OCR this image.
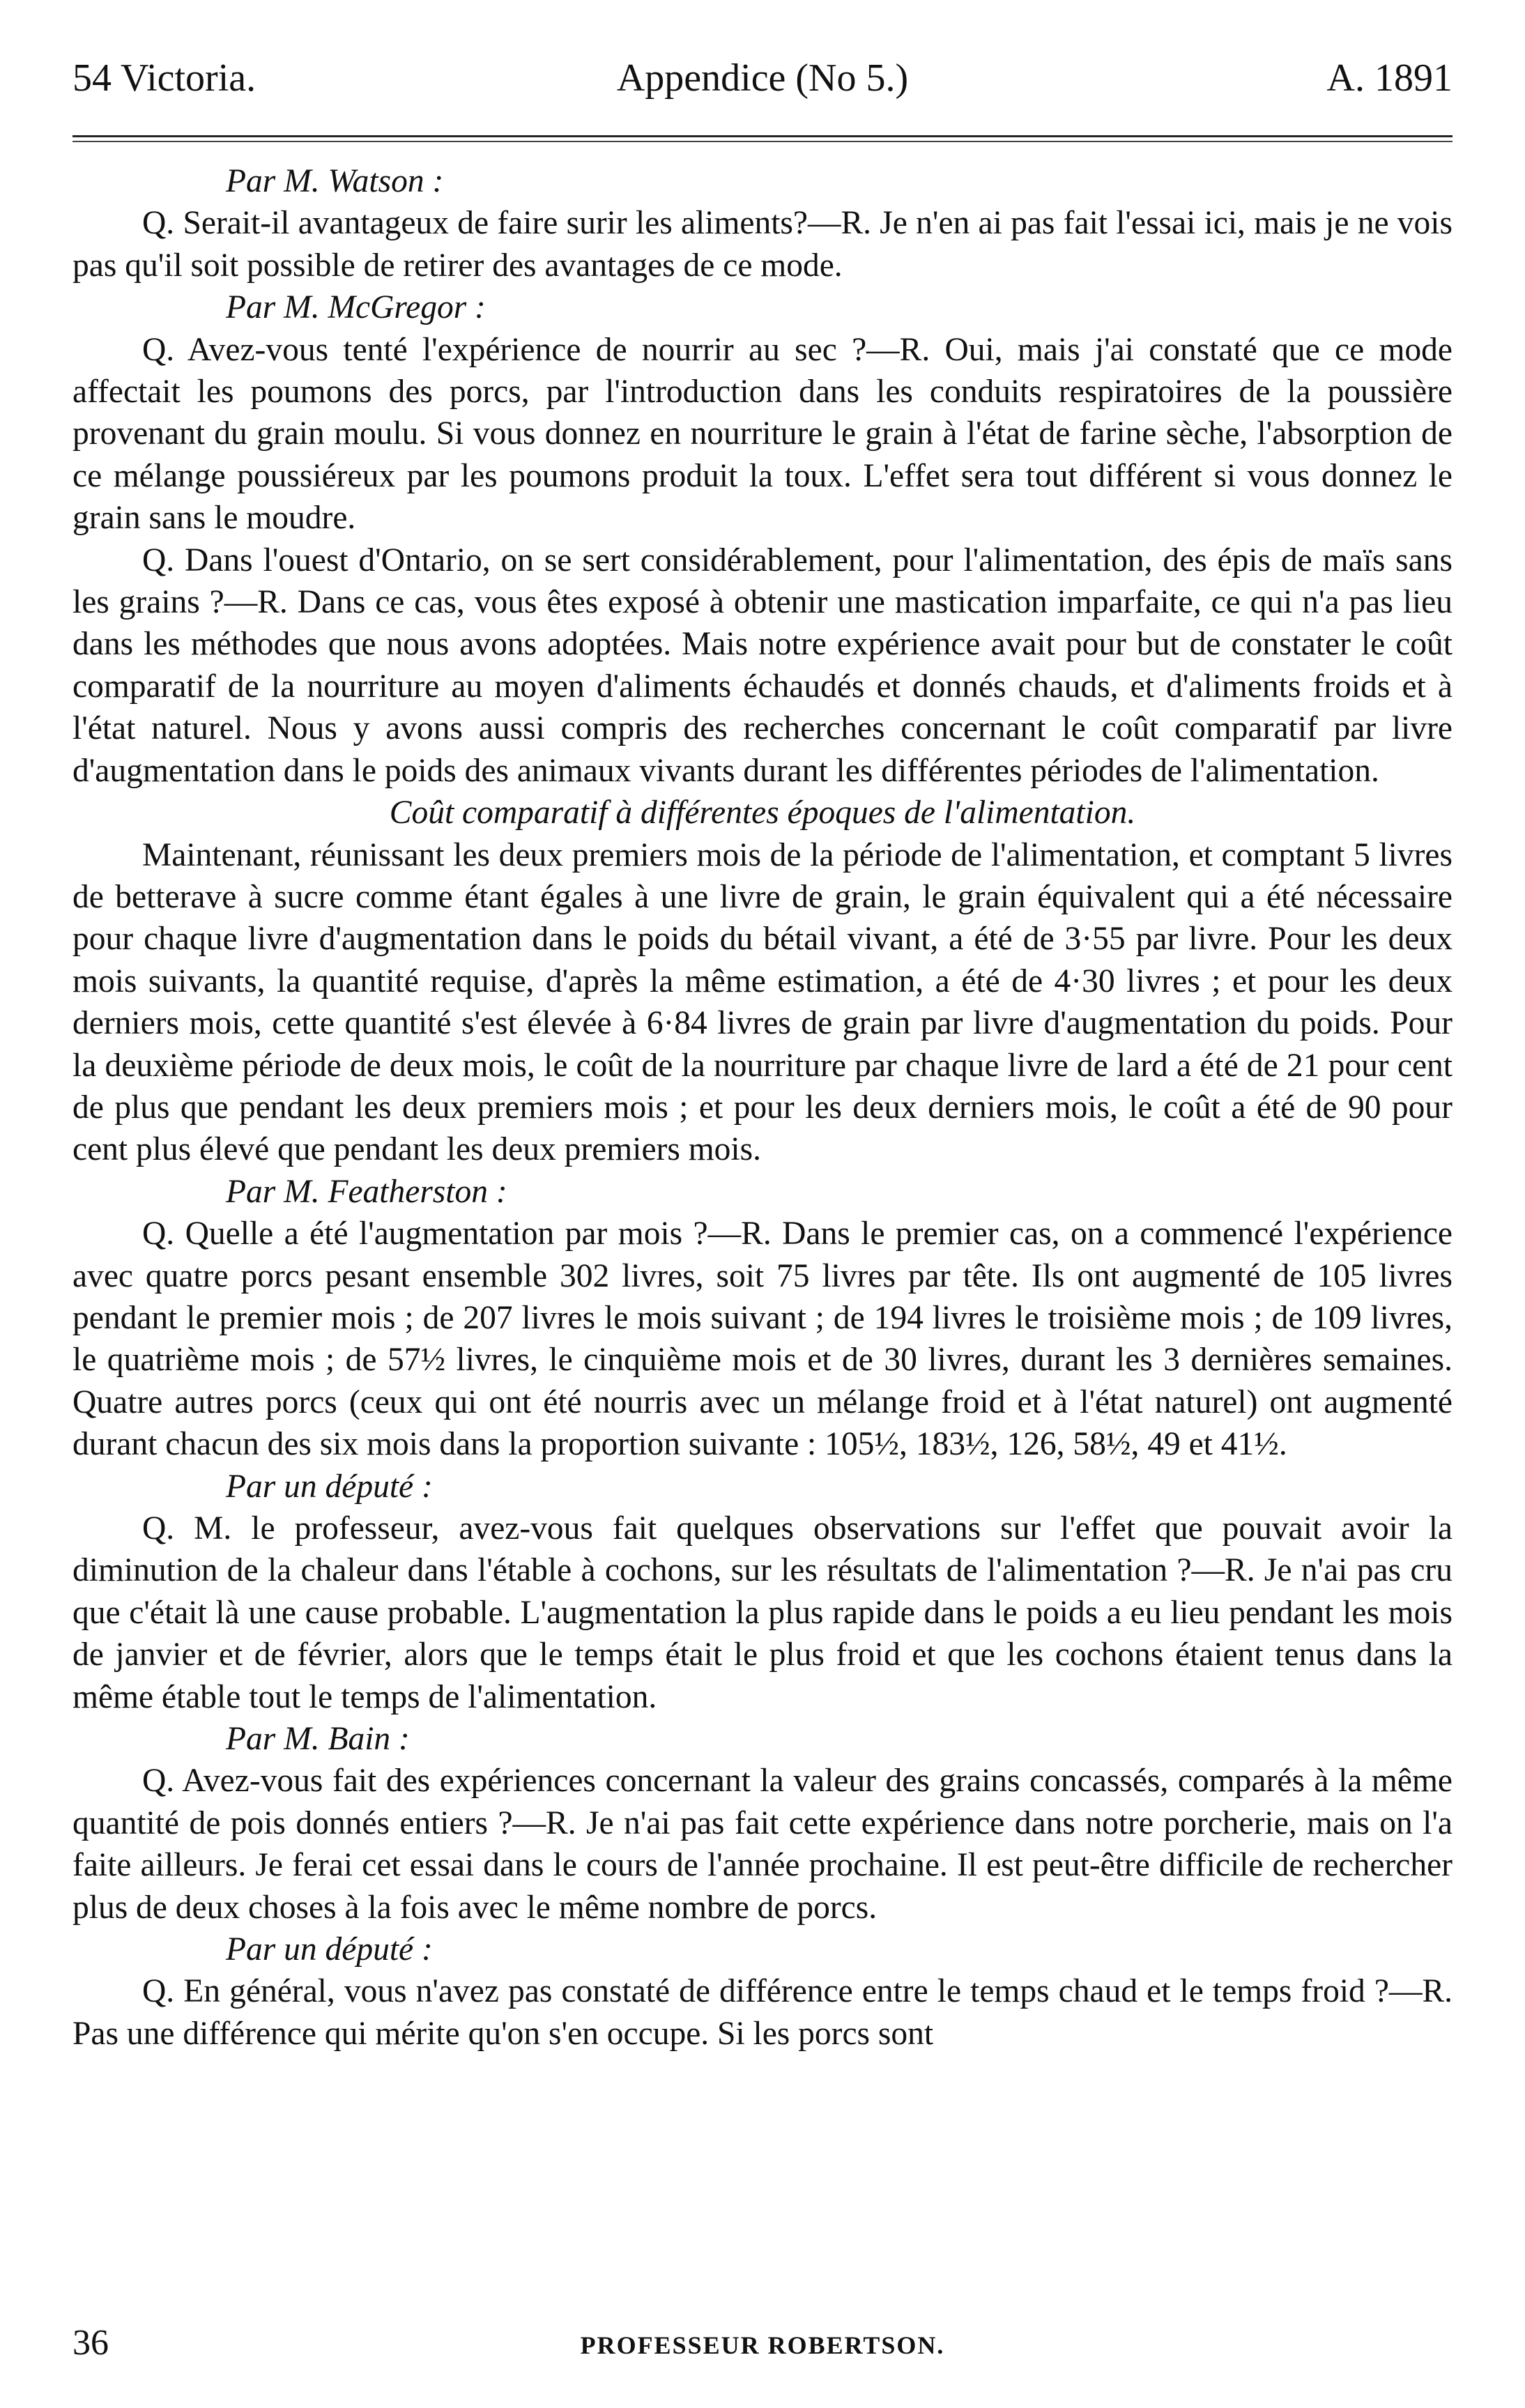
54 Victoria.	Appendice (No 5.)	A. 1891

Par M. Watson :

Q. Serait-il avantageux de faire surir les aliments?—R. Je n'en ai pas fait l'essai ici, mais je ne vois pas qu'il soit possible de retirer des avantages de ce mode.

Par M. McGregor :

Q. Avez-vous tenté l'expérience de nourrir au sec ?—R. Oui, mais j'ai constaté que ce mode affectait les poumons des porcs, par l'introduction dans les conduits respiratoires de la poussière provenant du grain moulu. Si vous donnez en nourriture le grain à l'état de farine sèche, l'absorption de ce mélange poussiéreux par les poumons produit la toux. L'effet sera tout différent si vous donnez le grain sans le moudre.

Q. Dans l'ouest d'Ontario, on se sert considérablement, pour l'alimentation, des épis de maïs sans les grains ?—R. Dans ce cas, vous êtes exposé à obtenir une mastication imparfaite, ce qui n'a pas lieu dans les méthodes que nous avons adoptées. Mais notre expérience avait pour but de constater le coût comparatif de la nourriture au moyen d'aliments échaudés et donnés chauds, et d'aliments froids et à l'état naturel. Nous y avons aussi compris des recherches concernant le coût comparatif par livre d'augmentation dans le poids des animaux vivants durant les différentes périodes de l'alimentation.

Coût comparatif à différentes époques de l'alimentation.

Maintenant, réunissant les deux premiers mois de la période de l'alimentation, et comptant 5 livres de betterave à sucre comme étant égales à une livre de grain, le grain équivalent qui a été nécessaire pour chaque livre d'augmentation dans le poids du bétail vivant, a été de 3·55 par livre. Pour les deux mois suivants, la quantité requise, d'après la même estimation, a été de 4·30 livres ; et pour les deux derniers mois, cette quantité s'est élevée à 6·84 livres de grain par livre d'augmentation du poids. Pour la deuxième période de deux mois, le coût de la nourriture par chaque livre de lard a été de 21 pour cent de plus que pendant les deux premiers mois ; et pour les deux derniers mois, le coût a été de 90 pour cent plus élevé que pendant les deux premiers mois.

Par M. Featherston :

Q. Quelle a été l'augmentation par mois ?—R. Dans le premier cas, on a commencé l'expérience avec quatre porcs pesant ensemble 302 livres, soit 75 livres par tête. Ils ont augmenté de 105 livres pendant le premier mois ; de 207 livres le mois suivant ; de 194 livres le troisième mois ; de 109 livres, le quatrième mois ; de 57½ livres, le cinquième mois et de 30 livres, durant les 3 dernières semaines. Quatre autres porcs (ceux qui ont été nourris avec un mélange froid et à l'état naturel) ont augmenté durant chacun des six mois dans la proportion suivante : 105½, 183½, 126, 58½, 49 et 41½.

Par un député :

Q. M. le professeur, avez-vous fait quelques observations sur l'effet que pouvait avoir la diminution de la chaleur dans l'étable à cochons, sur les résultats de l'alimentation ?—R. Je n'ai pas cru que c'était là une cause probable. L'augmentation la plus rapide dans le poids a eu lieu pendant les mois de janvier et de février, alors que le temps était le plus froid et que les cochons étaient tenus dans la même étable tout le temps de l'alimentation.

Par M. Bain :

Q. Avez-vous fait des expériences concernant la valeur des grains concassés, comparés à la même quantité de pois donnés entiers ?—R. Je n'ai pas fait cette expérience dans notre porcherie, mais on l'a faite ailleurs. Je ferai cet essai dans le cours de l'année prochaine. Il est peut-être difficile de rechercher plus de deux choses à la fois avec le même nombre de porcs.

Par un député :

Q. En général, vous n'avez pas constaté de différence entre le temps chaud et le temps froid ?—R. Pas une différence qui mérite qu'on s'en occupe. Si les porcs sont

36	PROFESSEUR ROBERTSON.
